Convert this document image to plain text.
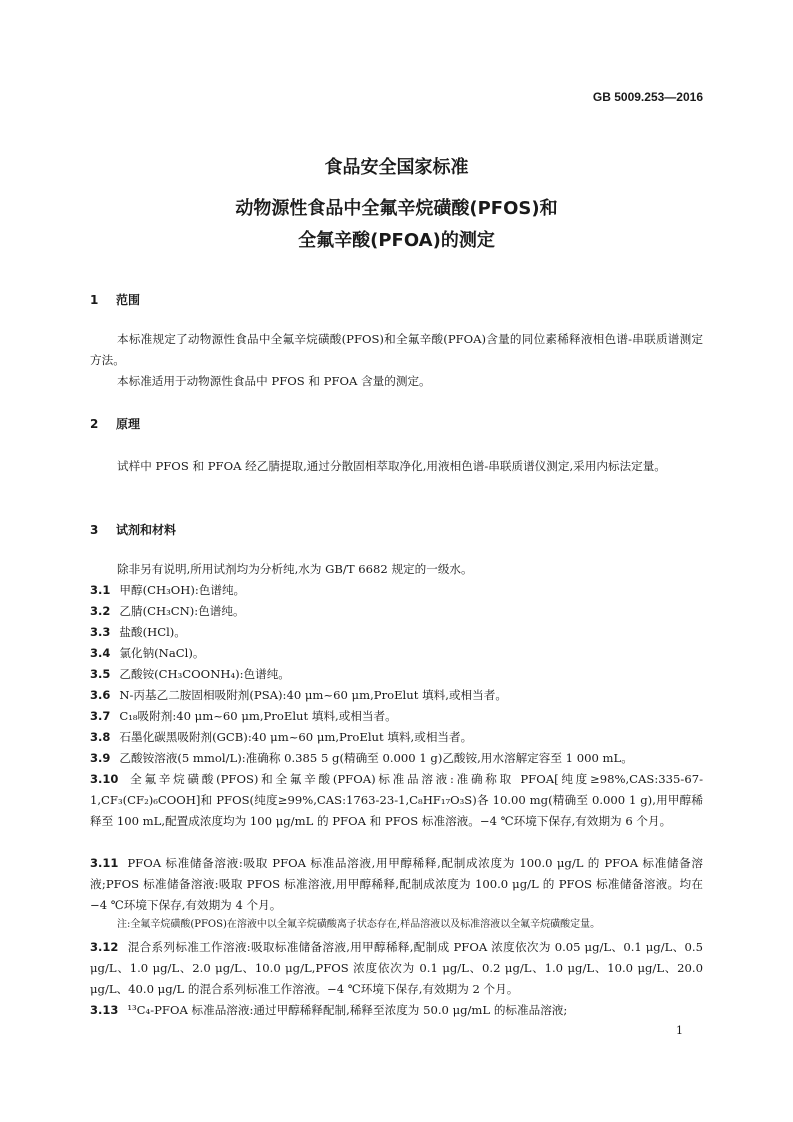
GB 5009.253—2016
食品安全国家标准
动物源性食品中全氟辛烷磺酸(PFOS)和
全氟辛酸(PFOA)的测定
1 范围
本标准规定了动物源性食品中全氟辛烷磺酸(PFOS)和全氟辛酸(PFOA)含量的同位素稀释液相色谱-串联质谱测定方法。
本标准适用于动物源性食品中 PFOS 和 PFOA 含量的测定。
2 原理
试样中 PFOS 和 PFOA 经乙腈提取,通过分散固相萃取净化,用液相色谱-串联质谱仪测定,采用内标法定量。
3 试剂和材料
除非另有说明,所用试剂均为分析纯,水为 GB/T 6682 规定的一级水。
3.1 甲醇(CH₃OH):色谱纯。
3.2 乙腈(CH₃CN):色谱纯。
3.3 盐酸(HCl)。
3.4 氯化钠(NaCl)。
3.5 乙酸铵(CH₃COONH₄):色谱纯。
3.6 N-丙基乙二胺固相吸附剂(PSA):40 μm~60 μm,ProElut 填料,或相当者。
3.7 C₁₈吸附剂:40 μm~60 μm,ProElut 填料,或相当者。
3.8 石墨化碳黑吸附剂(GCB):40 μm~60 μm,ProElut 填料,或相当者。
3.9 乙酸铵溶液(5 mmol/L):准确称 0.385 5 g(精确至 0.000 1 g)乙酸铵,用水溶解定容至 1 000 mL。
3.10 全氟辛烷磺酸(PFOS)和全氟辛酸(PFOA)标准品溶液:准确称取 PFOA[纯度≥98%,CAS:335-67-1,CF₃(CF₂)₆COOH]和 PFOS(纯度≥99%,CAS:1763-23-1,C₈HF₁₇O₃S)各 10.00 mg(精确至 0.000 1 g),用甲醇稀释至 100 mL,配置成浓度均为 100 μg/mL 的 PFOA 和 PFOS 标准溶液。−4 ℃环境下保存,有效期为 6 个月。
3.11 PFOA 标准储备溶液:吸取 PFOA 标准品溶液,用甲醇稀释,配制成浓度为 100.0 μg/L 的 PFOA 标准储备溶液;PFOS 标准储备溶液:吸取 PFOS 标准溶液,用甲醇稀释,配制成浓度为 100.0 μg/L 的 PFOS 标准储备溶液。均在−4 ℃环境下保存,有效期为 4 个月。
注:全氟辛烷磺酸(PFOS)在溶液中以全氟辛烷磺酸离子状态存在,样品溶液以及标准溶液以全氟辛烷磺酸定量。
3.12 混合系列标准工作溶液:吸取标准储备溶液,用甲醇稀释,配制成 PFOA 浓度依次为 0.05 μg/L、0.1 μg/L、0.5 μg/L、1.0 μg/L、2.0 μg/L、10.0 μg/L,PFOS 浓度依次为 0.1 μg/L、0.2 μg/L、1.0 μg/L、10.0 μg/L、20.0 μg/L、40.0 μg/L 的混合系列标准工作溶液。−4 ℃环境下保存,有效期为 2 个月。
3.13 ¹³C₄-PFOA 标准品溶液:通过甲醇稀释配制,稀释至浓度为 50.0 μg/mL 的标准品溶液;
1
